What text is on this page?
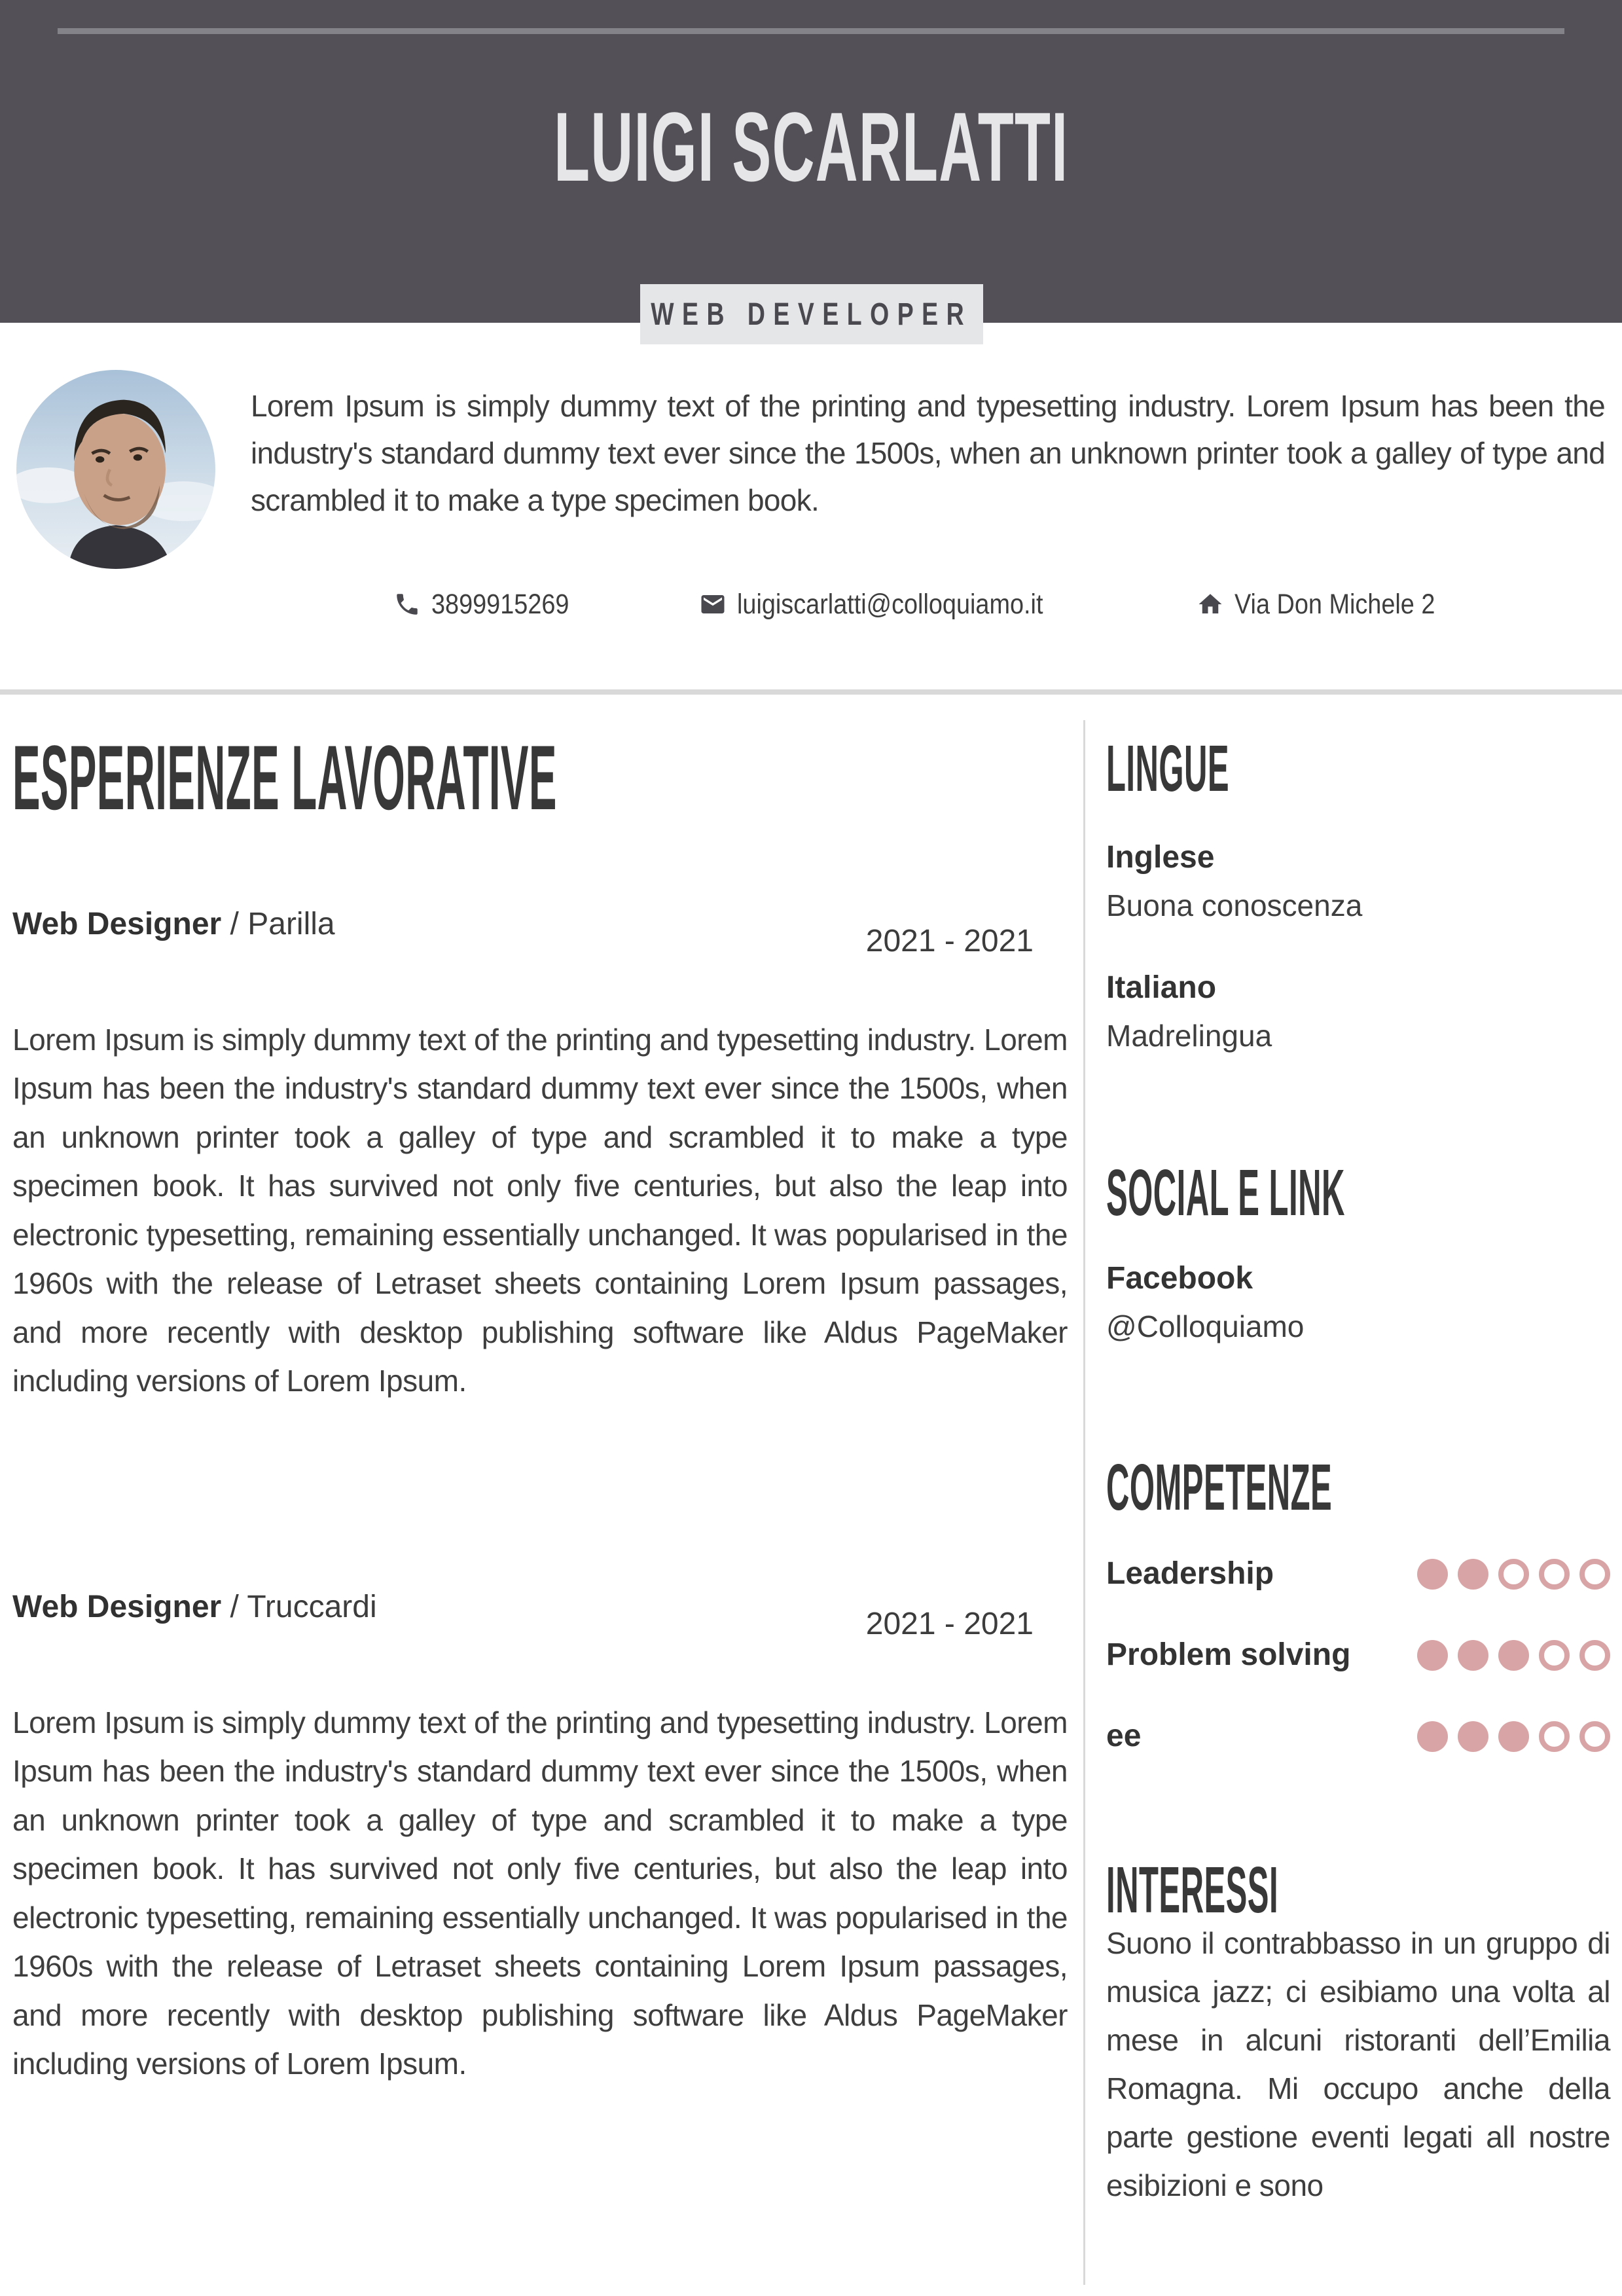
LUIGI SCARLATTI
WEB DEVELOPER
Lorem Ipsum is simply dummy text of the printing and typesetting industry. Lorem Ipsum has been the industry's standard dummy text ever since the 1500s, when an unknown printer took a galley of type and scrambled it to make a type specimen book.
3899915269	luigiscarlatti@colloquiamo.it	Via Don Michele 2
ESPERIENZE LAVORATIVE
Web Designer / Parilla	2021 - 2021
Lorem Ipsum is simply dummy text of the printing and typesetting industry. Lorem Ipsum has been the industry's standard dummy text ever since the 1500s, when an unknown printer took a galley of type and scrambled it to make a type specimen book. It has survived not only five centuries, but also the leap into electronic typesetting, remaining essentially unchanged. It was popularised in the 1960s with the release of Letraset sheets containing Lorem Ipsum passages, and more recently with desktop publishing software like Aldus PageMaker including versions of Lorem Ipsum.
Web Designer / Truccardi	2021 - 2021
Lorem Ipsum is simply dummy text of the printing and typesetting industry. Lorem Ipsum has been the industry's standard dummy text ever since the 1500s, when an unknown printer took a galley of type and scrambled it to make a type specimen book. It has survived not only five centuries, but also the leap into electronic typesetting, remaining essentially unchanged. It was popularised in the 1960s with the release of Letraset sheets containing Lorem Ipsum passages, and more recently with desktop publishing software like Aldus PageMaker including versions of Lorem Ipsum.
LINGUE
Inglese
Buona conoscenza
Italiano
Madrelingua
SOCIAL E LINK
Facebook
@Colloquiamo
COMPETENZE
Leadership
Problem solving
ee
INTERESSI
Suono il contrabbasso in un gruppo di musica jazz; ci esibiamo una volta al mese in alcuni ristoranti dell’Emilia Romagna. Mi occupo anche della parte gestione eventi legati all nostre esibizioni e sono
